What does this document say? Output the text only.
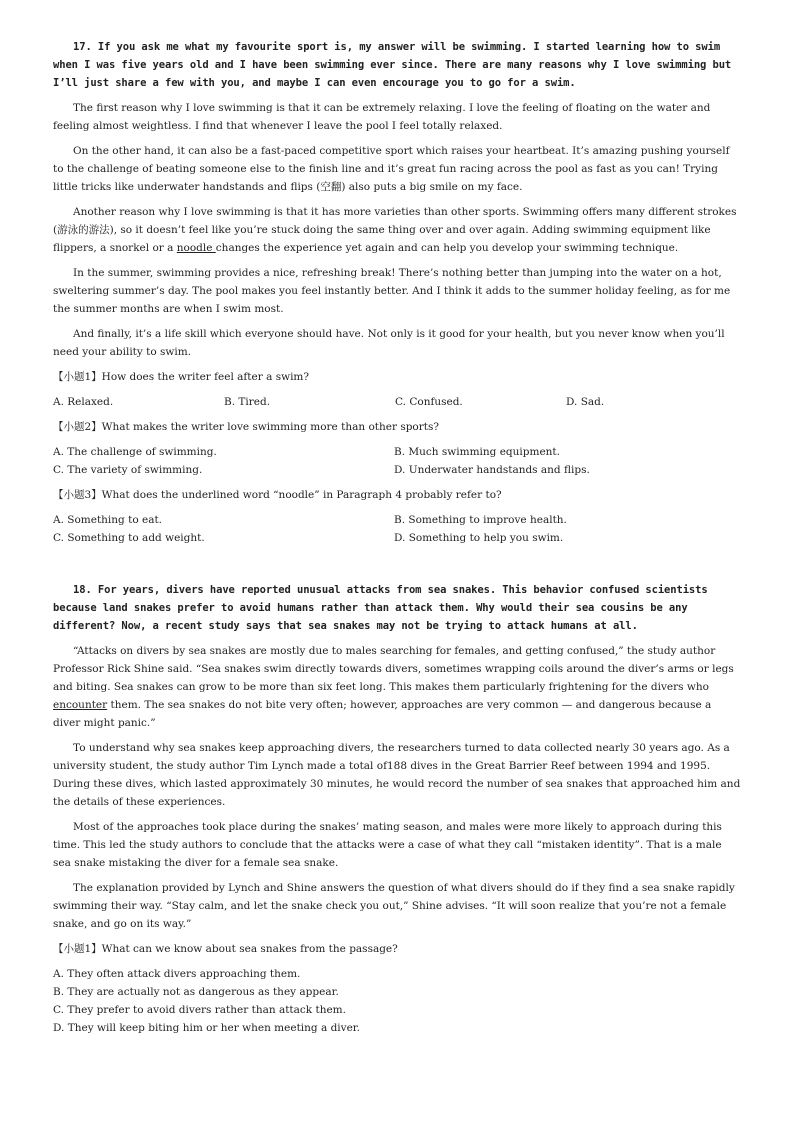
17. If you ask me what my favourite sport is, my answer will be swimming. I started learning how to swim when I was five years old and I have been swimming ever since. There are many reasons why I love swimming but I’ll just share a few with you, and maybe I can even encourage you to go for a swim.

The first reason why I love swimming is that it can be extremely relaxing. I love the feeling of floating on the water and feeling almost weightless. I find that whenever I leave the pool I feel totally relaxed.

On the other hand, it can also be a fast-paced competitive sport which raises your heartbeat. It’s amazing pushing yourself to the challenge of beating someone else to the finish line and it’s great fun racing across the pool as fast as you can! Trying little tricks like underwater handstands and flips (空翻) also puts a big smile on my face.

Another reason why I love swimming is that it has more varieties than other sports. Swimming offers many different strokes (游泳的游法), so it doesn’t feel like you’re stuck doing the same thing over and over again. Adding swimming equipment like flippers, a snorkel or a noodle changes the experience yet again and can help you develop your swimming technique.

In the summer, swimming provides a nice, refreshing break! There’s nothing better than jumping into the water on a hot, sweltering summer’s day. The pool makes you feel instantly better. And I think it adds to the summer holiday feeling, as for me the summer months are when I swim most.

And finally, it’s a life skill which everyone should have. Not only is it good for your health, but you never know when you’ll need your ability to swim.

【小题1】How does the writer feel after a swim?

A. Relaxed.	B. Tired.	C. Confused.	D. Sad.

【小题2】What makes the writer love swimming more than other sports?

A. The challenge of swimming.	B. Much swimming equipment.
C. The variety of swimming.	D. Underwater handstands and flips.

【小题3】What does the underlined word “noodle” in Paragraph 4 probably refer to?

A. Something to eat.	B. Something to improve health.
C. Something to add weight.	D. Something to help you swim.

18. For years, divers have reported unusual attacks from sea snakes. This behavior confused scientists because land snakes prefer to avoid humans rather than attack them. Why would their sea cousins be any different? Now, a recent study says that sea snakes may not be trying to attack humans at all.

“Attacks on divers by sea snakes are mostly due to males searching for females, and getting confused,” the study author Professor Rick Shine said. “Sea snakes swim directly towards divers, sometimes wrapping coils around the diver’s arms or legs and biting. Sea snakes can grow to be more than six feet long. This makes them particularly frightening for the divers who encounter them. The sea snakes do not bite very often; however, approaches are very common — and dangerous because a diver might panic.”

To understand why sea snakes keep approaching divers, the researchers turned to data collected nearly 30 years ago. As a university student, the study author Tim Lynch made a total of188 dives in the Great Barrier Reef between 1994 and 1995. During these dives, which lasted approximately 30 minutes, he would record the number of sea snakes that approached him and the details of these experiences.

Most of the approaches took place during the snakes’ mating season, and males were more likely to approach during this time. This led the study authors to conclude that the attacks were a case of what they call “mistaken identity”. That is a male sea snake mistaking the diver for a female sea snake.

The explanation provided by Lynch and Shine answers the question of what divers should do if they find a sea snake rapidly swimming their way. “Stay calm, and let the snake check you out,” Shine advises. “It will soon realize that you’re not a female snake, and go on its way.”

【小题1】What can we know about sea snakes from the passage?

A. They often attack divers approaching them.
B. They are actually not as dangerous as they appear.
C. They prefer to avoid divers rather than attack them.
D. They will keep biting him or her when meeting a diver.
